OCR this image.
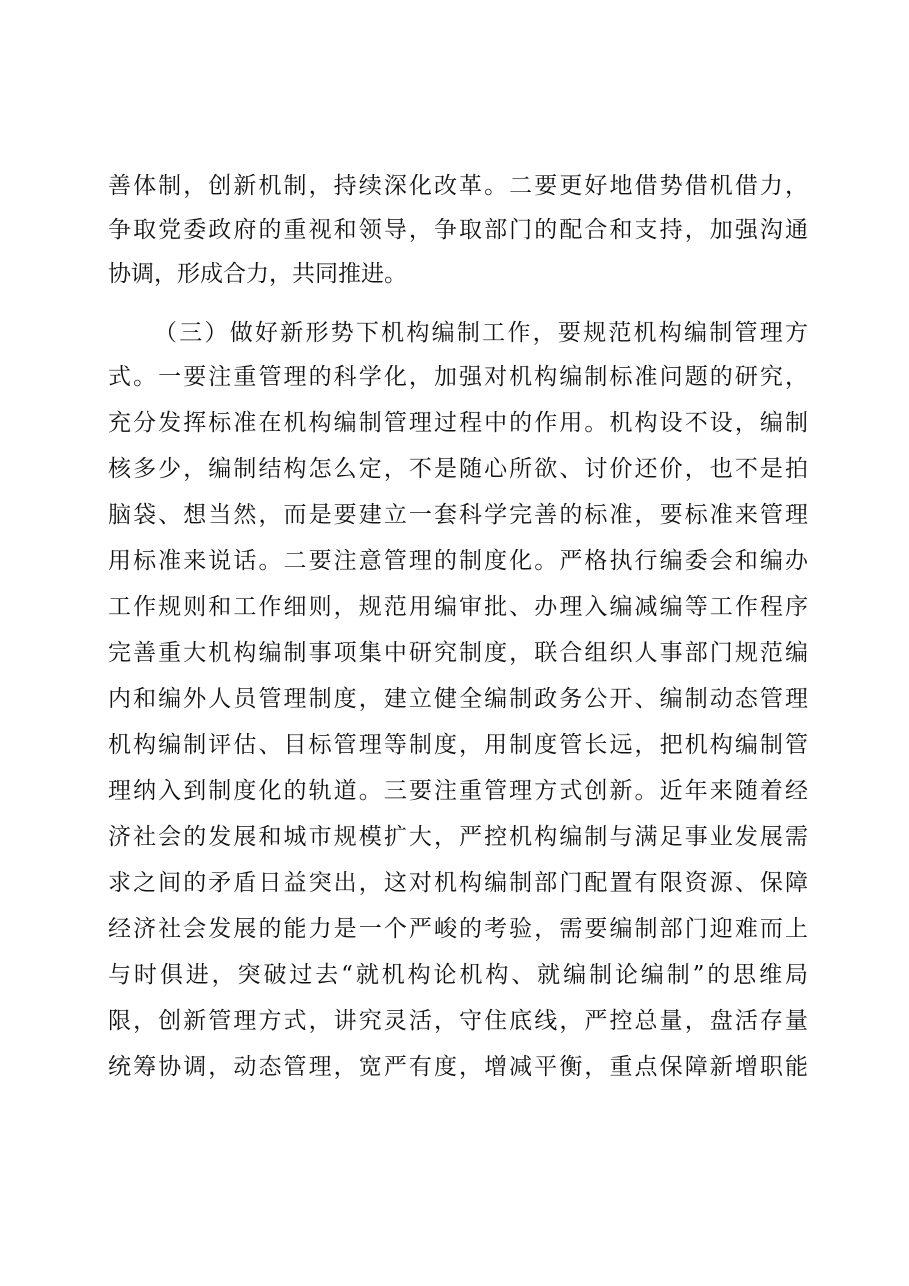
善体制，创新机制，持续深化改革。二要更好地借势借机借力，
争取党委政府的重视和领导，争取部门的配合和支持，加强沟通
协调，形成合力，共同推进。
（三）做好新形势下机构编制工作，要规范机构编制管理方
式。一要注重管理的科学化，加强对机构编制标准问题的研究，
充分发挥标准在机构编制管理过程中的作用。机构设不设，编制
核多少，编制结构怎么定，不是随心所欲、讨价还价，也不是拍
脑袋、想当然，而是要建立一套科学完善的标准，要标准来管理
用标准来说话。二要注意管理的制度化。严格执行编委会和编办
工作规则和工作细则，规范用编审批、办理入编减编等工作程序
完善重大机构编制事项集中研究制度，联合组织人事部门规范编
内和编外人员管理制度，建立健全编制政务公开、编制动态管理
机构编制评估、目标管理等制度，用制度管长远，把机构编制管
理纳入到制度化的轨道。三要注重管理方式创新。近年来随着经
济社会的发展和城市规模扩大，严控机构编制与满足事业发展需
求之间的矛盾日益突出，这对机构编制部门配置有限资源、保障
经济社会发展的能力是一个严峻的考验，需要编制部门迎难而上
与时俱进，突破过去“就机构论机构、就编制论编制”的思维局
限，创新管理方式，讲究灵活，守住底线，严控总量，盘活存量
统筹协调，动态管理，宽严有度，增减平衡，重点保障新增职能
